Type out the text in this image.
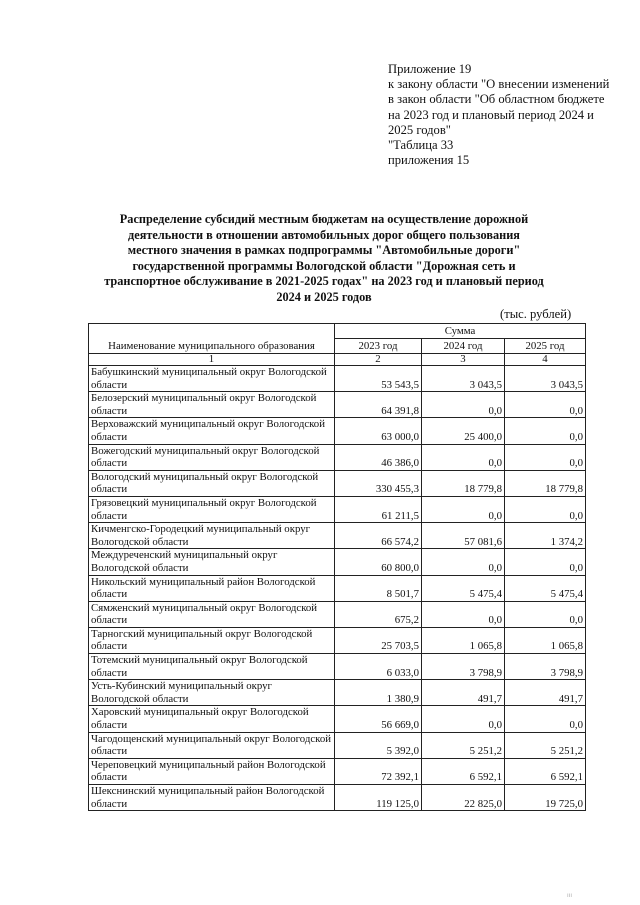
Приложение 19
к закону области "О внесении изменений в закон области "Об областном бюджете на 2023 год и плановый период 2024 и 2025 годов"
"Таблица 33
приложения 15
Распределение субсидий местным бюджетам на осуществление дорожной деятельности в отношении автомобильных дорог общего пользования местного значения в рамках подпрограммы "Автомобильные дороги" государственной программы Вологодской области "Дорожная сеть и транспортное обслуживание в 2021-2025 годах" на 2023 год и плановый период 2024 и 2025 годов
(тыс. рублей)
Наименование муниципального образования	Сумма		
	2023 год	2024 год	2025 год
1	2	3	4
Бабушкинский муниципальный округ Вологодской области	53 543,5	3 043,5	3 043,5
Белозерский муниципальный округ Вологодской области	64 391,8	0,0	0,0
Верховажский муниципальный округ Вологодской области	63 000,0	25 400,0	0,0
Вожегодский муниципальный округ Вологодской области	46 386,0	0,0	0,0
Вологодский муниципальный округ Вологодской области	330 455,3	18 779,8	18 779,8
Грязовецкий муниципальный округ Вологодской области	61 211,5	0,0	0,0
Кичменгско-Городецкий муниципальный округ Вологодской области	66 574,2	57 081,6	1 374,2
Междуреченский муниципальный округ Вологодской области	60 800,0	0,0	0,0
Никольский муниципальный район Вологодской области	8 501,7	5 475,4	5 475,4
Сямженский муниципальный округ Вологодской области	675,2	0,0	0,0
Тарногский муниципальный округ Вологодской области	25 703,5	1 065,8	1 065,8
Тотемский муниципальный округ Вологодской области	6 033,0	3 798,9	3 798,9
Усть-Кубинский муниципальный округ Вологодской области	1 380,9	491,7	491,7
Харовский муниципальный округ Вологодской области	56 669,0	0,0	0,0
Чагодощенский муниципальный округ Вологодской области	5 392,0	5 251,2	5 251,2
Череповецкий муниципальный район Вологодской области	72 392,1	6 592,1	6 592,1
Шекснинский муниципальный район Вологодской области	119 125,0	22 825,0	19 725,0
ııı
